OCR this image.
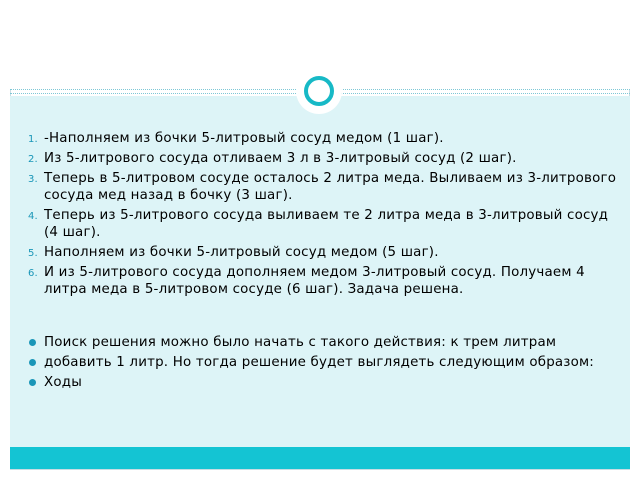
1. -Наполняем из бочки 5-литровый сосуд медом (1 шаг).
2. Из 5-литрового сосуда отливаем 3 л в 3-литровый сосуд (2 шаг).
3. Теперь в 5-литровом сосуде осталось 2 литра меда. Выливаем из 3-литрового сосуда мед назад в бочку (3 шаг).
4. Теперь из 5-литрового сосуда выливаем те 2 литра меда в 3-литровый сосуд (4 шаг).
5. Наполняем из бочки 5-литровый сосуд медом (5 шаг).
6. И из 5-литрового сосуда дополняем медом 3-литровый сосуд. Получаем 4 литра меда в 5-литровом сосуде (6 шаг). Задача решена.
Поиск решения можно было начать с такого действия: к трем литрам
добавить 1 литр. Но тогда решение будет выглядеть следующим образом:
Ходы
